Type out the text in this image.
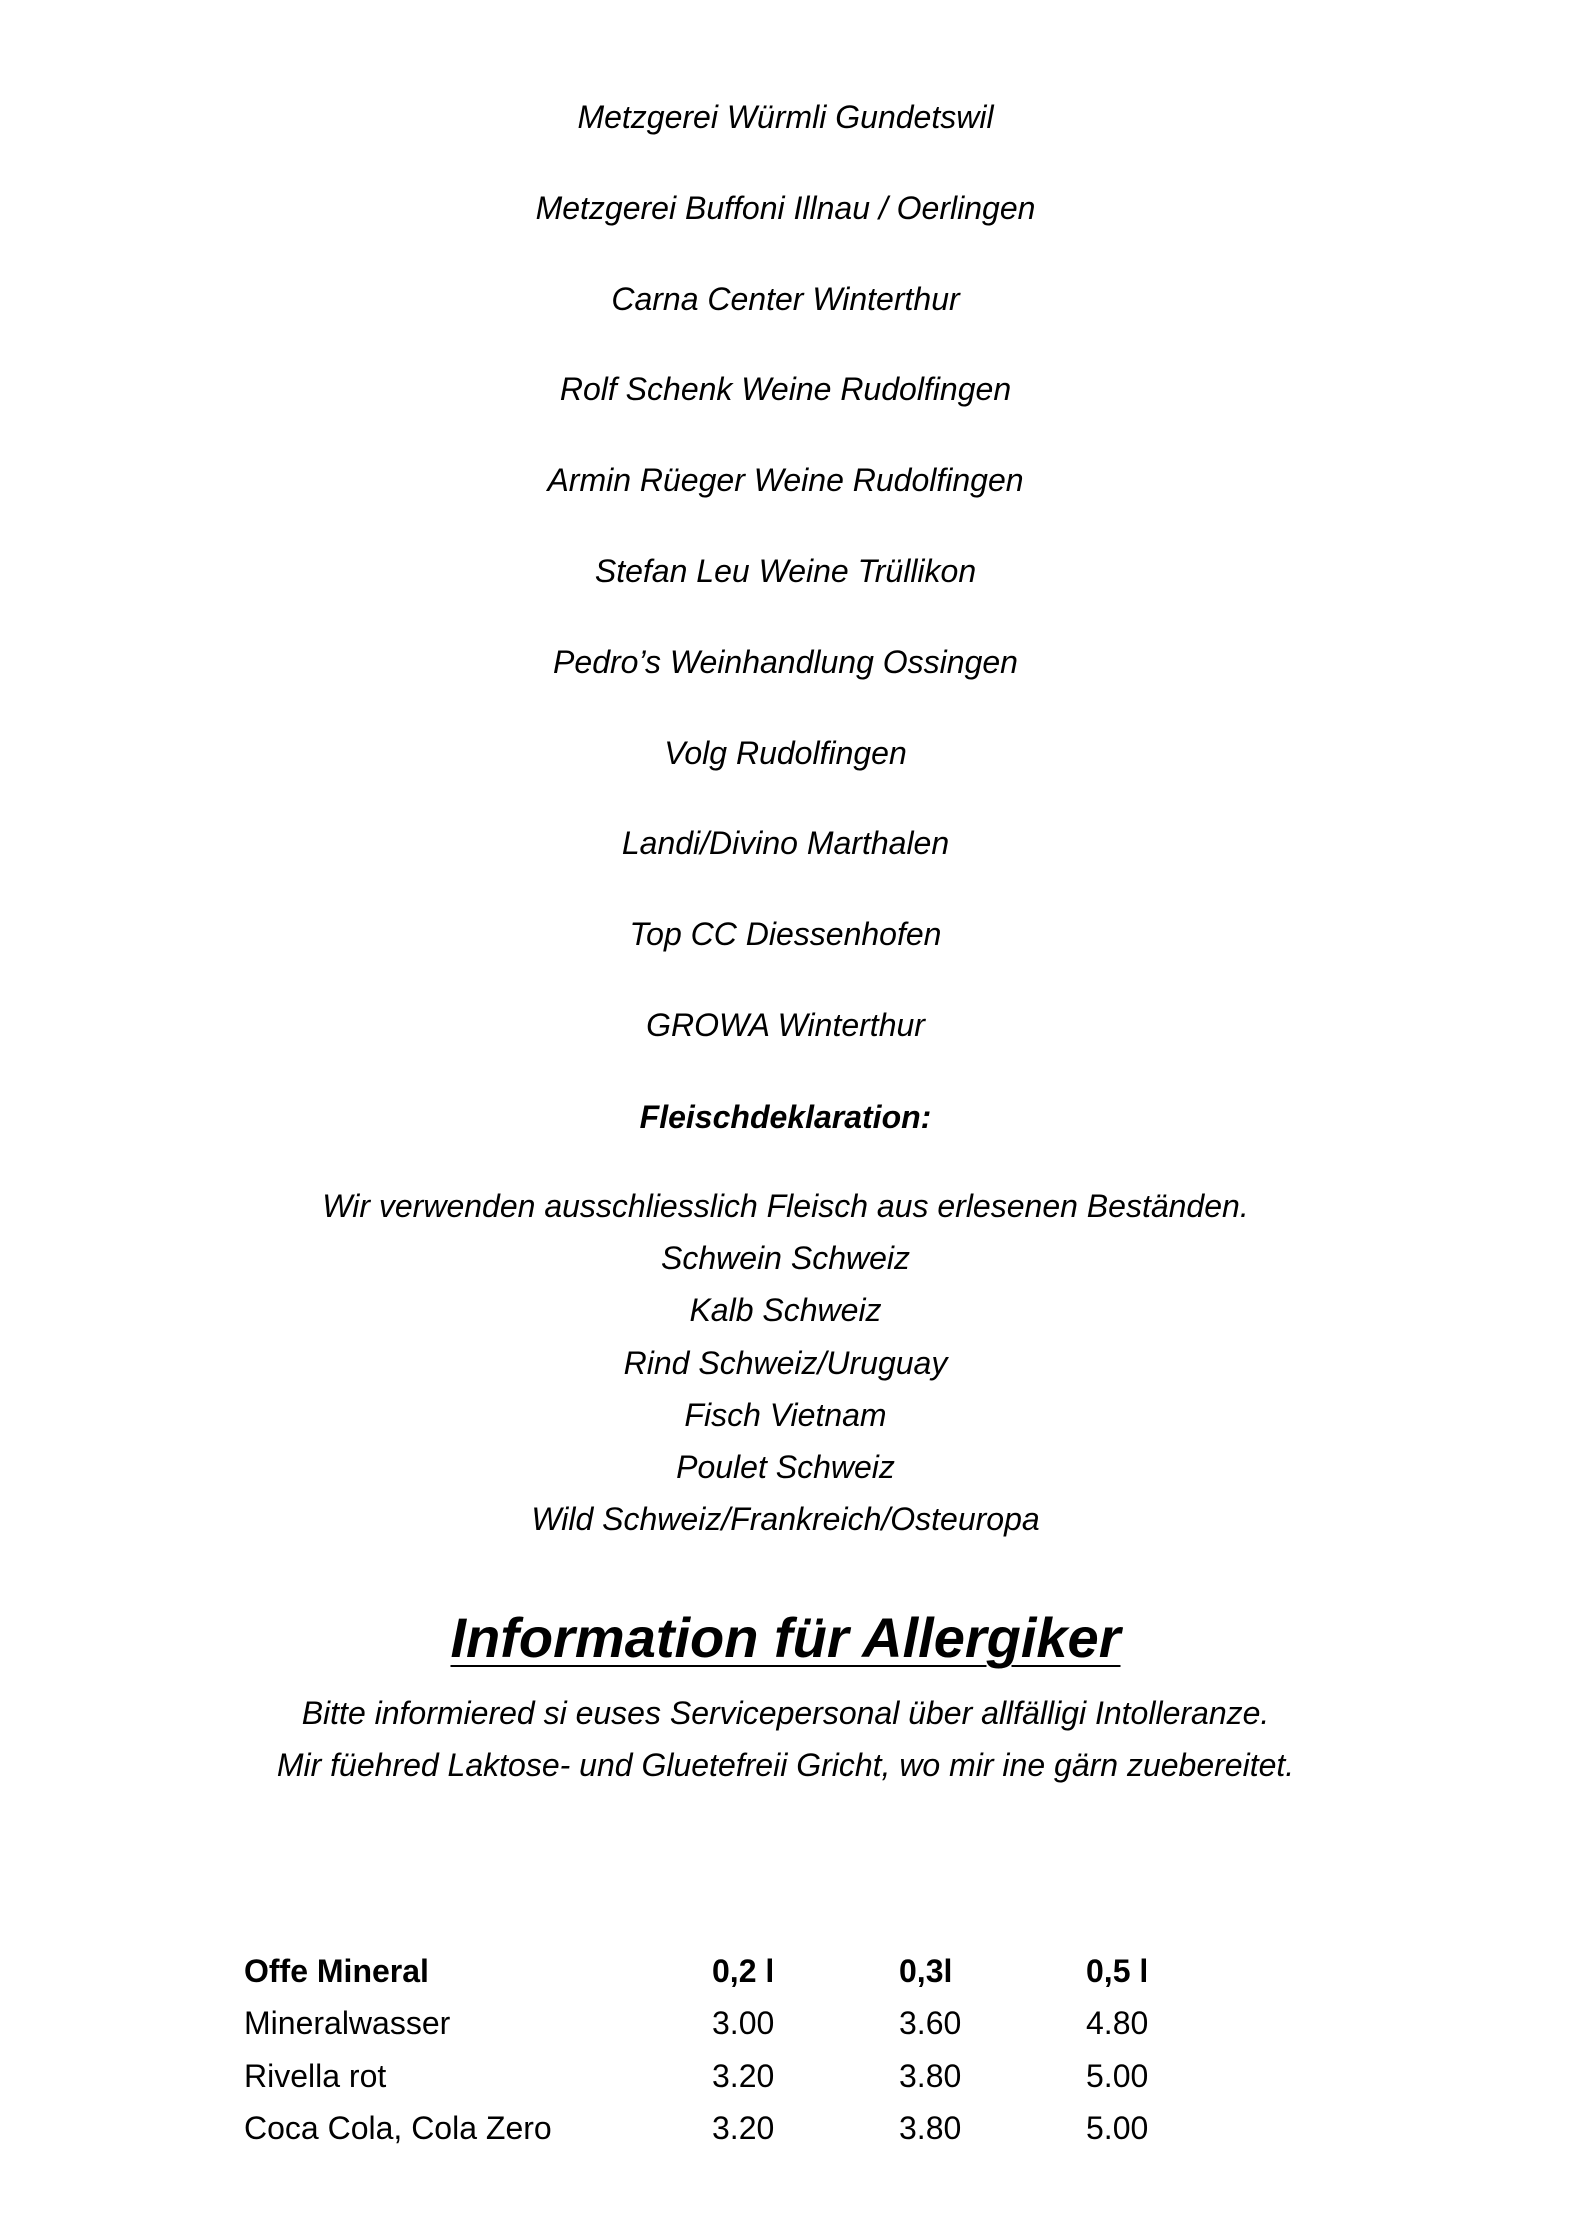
Metzgerei Würmli Gundetswil
Metzgerei Buffoni Illnau / Oerlingen
Carna Center Winterthur
Rolf Schenk Weine Rudolfingen
Armin Rüeger Weine Rudolfingen
Stefan Leu Weine Trüllikon
Pedro’s Weinhandlung Ossingen
Volg Rudolfingen
Landi/Divino Marthalen
Top CC Diessenhofen
GROWA Winterthur
Fleischdeklaration:
Wir verwenden ausschliesslich Fleisch aus erlesenen Beständen.
Schwein Schweiz
Kalb Schweiz
Rind Schweiz/Uruguay
Fisch Vietnam
Poulet Schweiz
Wild Schweiz/Frankreich/Osteuropa
Information für Allergiker
Bitte informiered si euses Servicepersonal über allfälligi Intolleranze.
Mir füehred Laktose- und Gluetefreii Gricht, wo mir ine gärn zuebereitet.
Offe Mineral	0,2 l	0,3l	0,5 l
Mineralwasser	3.00	3.60	4.80
Rivella rot	3.20	3.80	5.00
Coca Cola, Cola Zero	3.20	3.80	5.00
